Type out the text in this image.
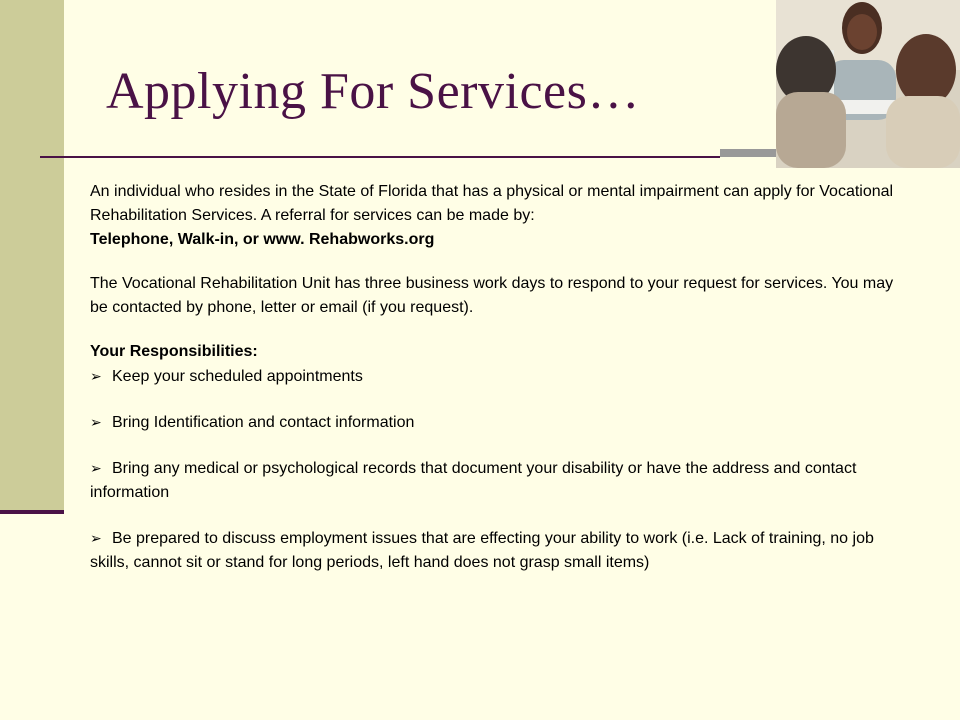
Applying For Services…

An individual who resides in the State of Florida that has a physical or mental impairment can apply for Vocational Rehabilitation Services. A referral for services can be made by:

Telephone, Walk-in, or www. Rehabworks.org

The Vocational Rehabilitation Unit has three business work days to respond to your request for services. You may be contacted by phone, letter or email (if you request).

Your Responsibilities:

➢ Keep your scheduled appointments

➢ Bring Identification and contact information

➢ Bring any medical or psychological records that document your disability or have the address and contact information

➢ Be prepared to discuss employment issues that are effecting your ability to work (i.e. Lack of training, no job skills, cannot sit or stand for long periods, left hand does not grasp small items)
